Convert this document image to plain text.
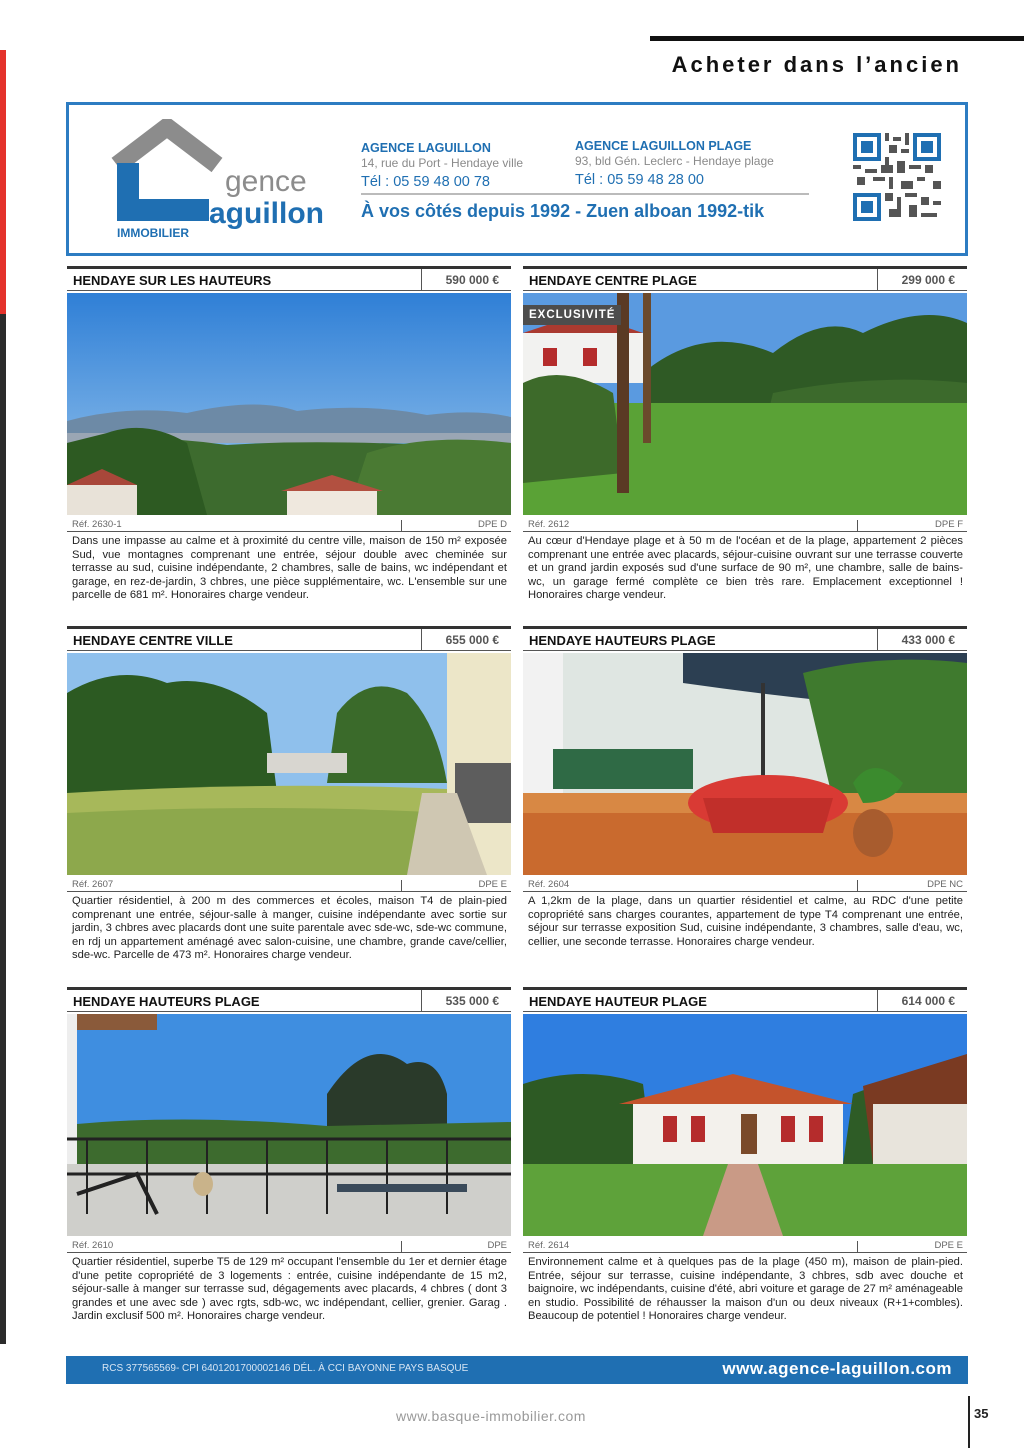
Acheter dans l’ancien
gence
aguillon
IMMOBILIER
AGENCE LAGUILLON
14, rue du Port - Hendaye ville
Tél : 05 59 48 00 78
AGENCE LAGUILLON PLAGE
93, bld Gén. Leclerc - Hendaye plage
Tél : 05 59 48 28 00
À vos côtés depuis 1992 - Zuen alboan 1992-tik
HENDAYE SUR LES HAUTEURS	590 000 €
Réf. 2630-1	DPE D

Dans une impasse au calme et à proximité du centre ville, maison de 150 m² exposée Sud, vue montagnes comprenant une entrée, séjour double avec cheminée sur terrasse au sud, cuisine indépendante, 2 chambres, salle de bains, wc indépendant et garage, en rez-de-jardin, 3 chbres, une pièce supplémentaire, wc. L'ensemble sur une parcelle de 681 m². Honoraires charge vendeur.

HENDAYE CENTRE PLAGE	299 000 €
EXCLUSIVITÉ
Réf. 2612	DPE F

Au cœur d'Hendaye plage et à 50 m de l'océan et de la plage, appartement 2 pièces comprenant une entrée avec placards, séjour-cuisine ouvrant sur une terrasse couverte et un grand jardin exposés sud d'une surface de 90 m², une chambre, salle de bains-wc, un garage fermé complète ce bien très rare. Emplacement exceptionnel ! Honoraires charge vendeur.

HENDAYE CENTRE VILLE	655 000 €
Réf. 2607	DPE E

Quartier résidentiel, à 200 m des commerces et écoles, maison T4 de plain-pied comprenant une entrée, séjour-salle à manger, cuisine indépendante avec sortie sur jardin, 3 chbres avec placards dont une suite parentale avec sde-wc, sde-wc commune, en rdj un appartement aménagé avec salon-cuisine, une chambre, grande cave/cellier, sde-wc. Parcelle de 473 m². Honoraires charge vendeur.

HENDAYE HAUTEURS PLAGE	433 000 €
Réf. 2604	DPE NC

A 1,2km de la plage, dans un quartier résidentiel et calme, au RDC d'une petite copropriété sans charges courantes, appartement de type T4 comprenant une entrée, séjour sur terrasse exposition Sud, cuisine indépendante, 3 chambres, salle d'eau, wc, cellier, une seconde terrasse. Honoraires charge vendeur.

HENDAYE HAUTEURS PLAGE	535 000 €
Réf. 2610	DPE

Quartier résidentiel, superbe T5 de 129 m² occupant l'ensemble du 1er et dernier étage d'une petite copropriété de 3 logements : entrée, cuisine indépendante de 15 m2, séjour-salle à manger sur terrasse sud, dégagements avec placards, 4 chbres ( dont 3 grandes et une avec sde ) avec rgts, sdb-wc, wc indépendant, cellier, grenier. Garag . Jardin exclusif 500 m². Honoraires charge vendeur.

HENDAYE HAUTEUR PLAGE	614 000 €
Réf. 2614	DPE E

Environnement calme et à quelques pas de la plage (450 m), maison de plain-pied. Entrée, séjour sur terrasse, cuisine indépendante, 3 chbres, sdb avec douche et baignoire, wc indépendants, cuisine d'été, abri voiture et garage de 27 m² aménageable en studio. Possibilité de réhausser la maison d'un ou deux niveaux (R+1+combles). Beaucoup de potentiel ! Honoraires charge vendeur.

RCS 377565569- CPI 6401201700002146 DÉL. À CCI BAYONNE PAYS BASQUE	www.agence-laguillon.com
www.basque-immobilier.com	35
